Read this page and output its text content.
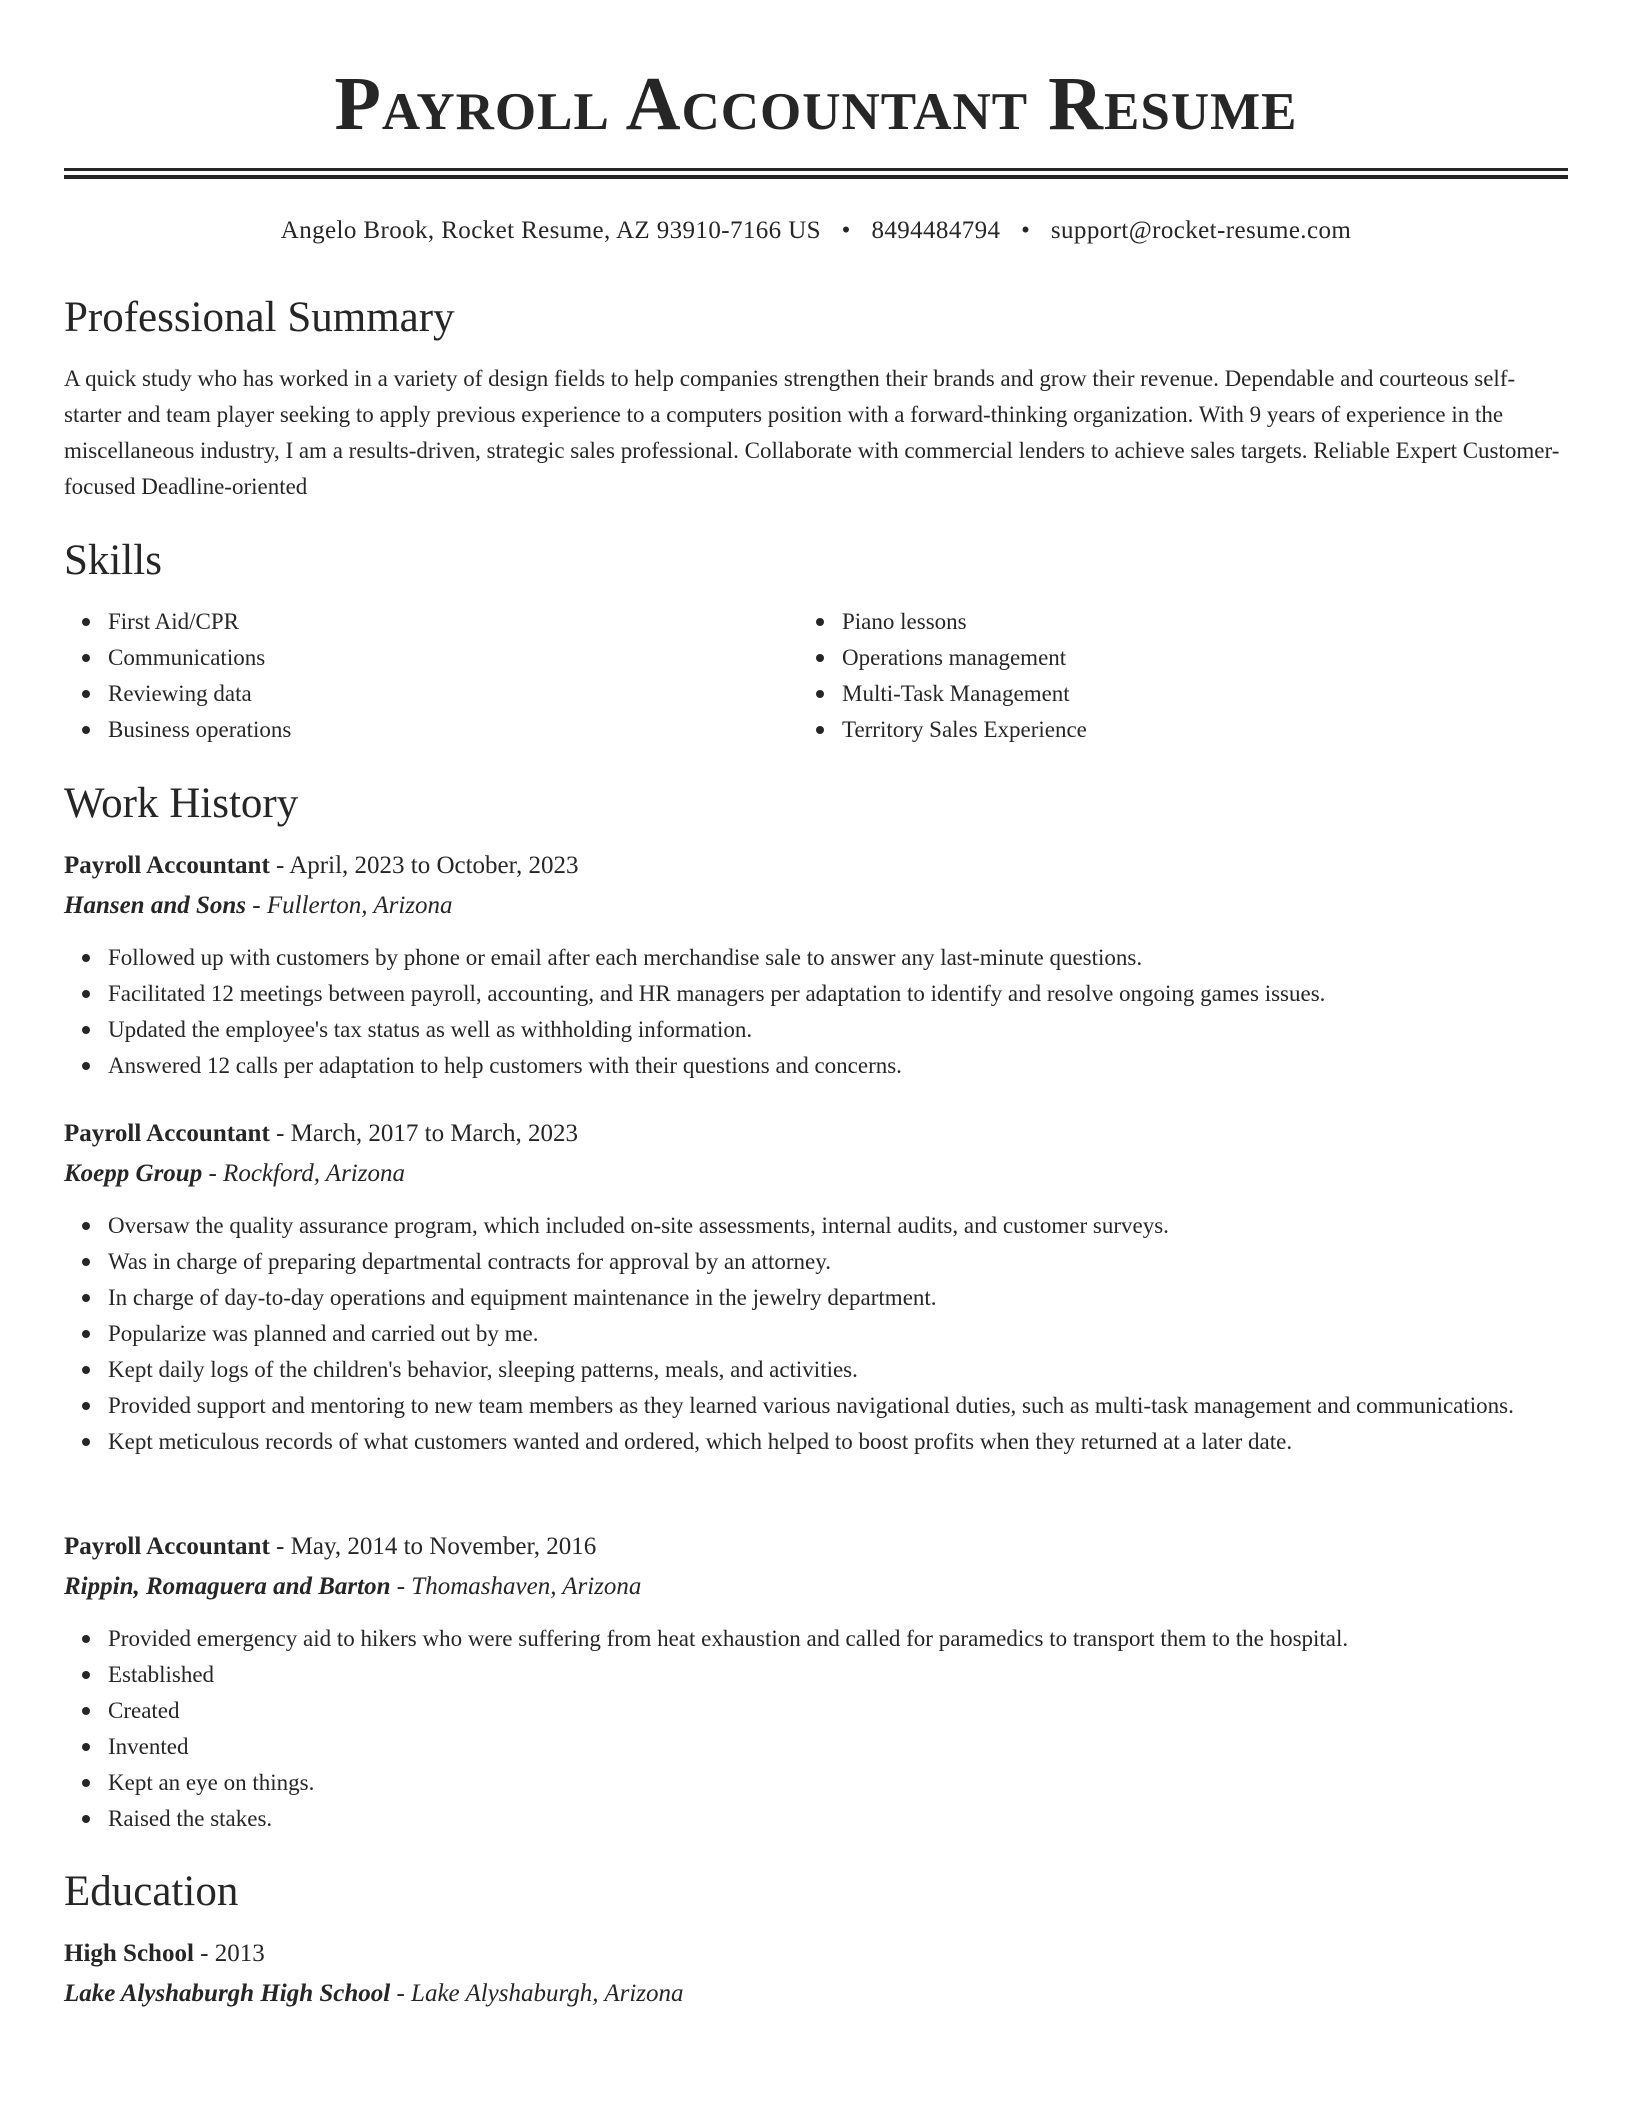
Payroll Accountant Resume
Angelo Brook, Rocket Resume, AZ 93910-7166 US • 8494484794 • support@rocket-resume.com
Professional Summary

A quick study who has worked in a variety of design fields to help companies strengthen their brands and grow their revenue. Dependable and courteous self-starter and team player seeking to apply previous experience to a computers position with a forward-thinking organization. With 9 years of experience in the miscellaneous industry, I am a results-driven, strategic sales professional. Collaborate with commercial lenders to achieve sales targets. Reliable Expert Customer-focused Deadline-oriented

Skills
First Aid/CPR
Communications
Reviewing data
Business operations
Piano lessons
Operations management
Multi-Task Management
Territory Sales Experience
Work History

Payroll Accountant - April, 2023 to October, 2023

Hansen and Sons - Fullerton, Arizona

Followed up with customers by phone or email after each merchandise sale to answer any last-minute questions.
Facilitated 12 meetings between payroll, accounting, and HR managers per adaptation to identify and resolve ongoing games issues.
Updated the employee's tax status as well as withholding information.
Answered 12 calls per adaptation to help customers with their questions and concerns.

Payroll Accountant - March, 2017 to March, 2023

Koepp Group - Rockford, Arizona

Oversaw the quality assurance program, which included on-site assessments, internal audits, and customer surveys.
Was in charge of preparing departmental contracts for approval by an attorney.
In charge of day-to-day operations and equipment maintenance in the jewelry department.
Popularize was planned and carried out by me.
Kept daily logs of the children's behavior, sleeping patterns, meals, and activities.
Provided support and mentoring to new team members as they learned various navigational duties, such as multi-task management and communications.
Kept meticulous records of what customers wanted and ordered, which helped to boost profits when they returned at a later date.

Payroll Accountant - May, 2014 to November, 2016

Rippin, Romaguera and Barton - Thomashaven, Arizona

Provided emergency aid to hikers who were suffering from heat exhaustion and called for paramedics to transport them to the hospital.
Established
Created
Invented
Kept an eye on things.
Raised the stakes.
Education

High School - 2013

Lake Alyshaburgh High School - Lake Alyshaburgh, Arizona
